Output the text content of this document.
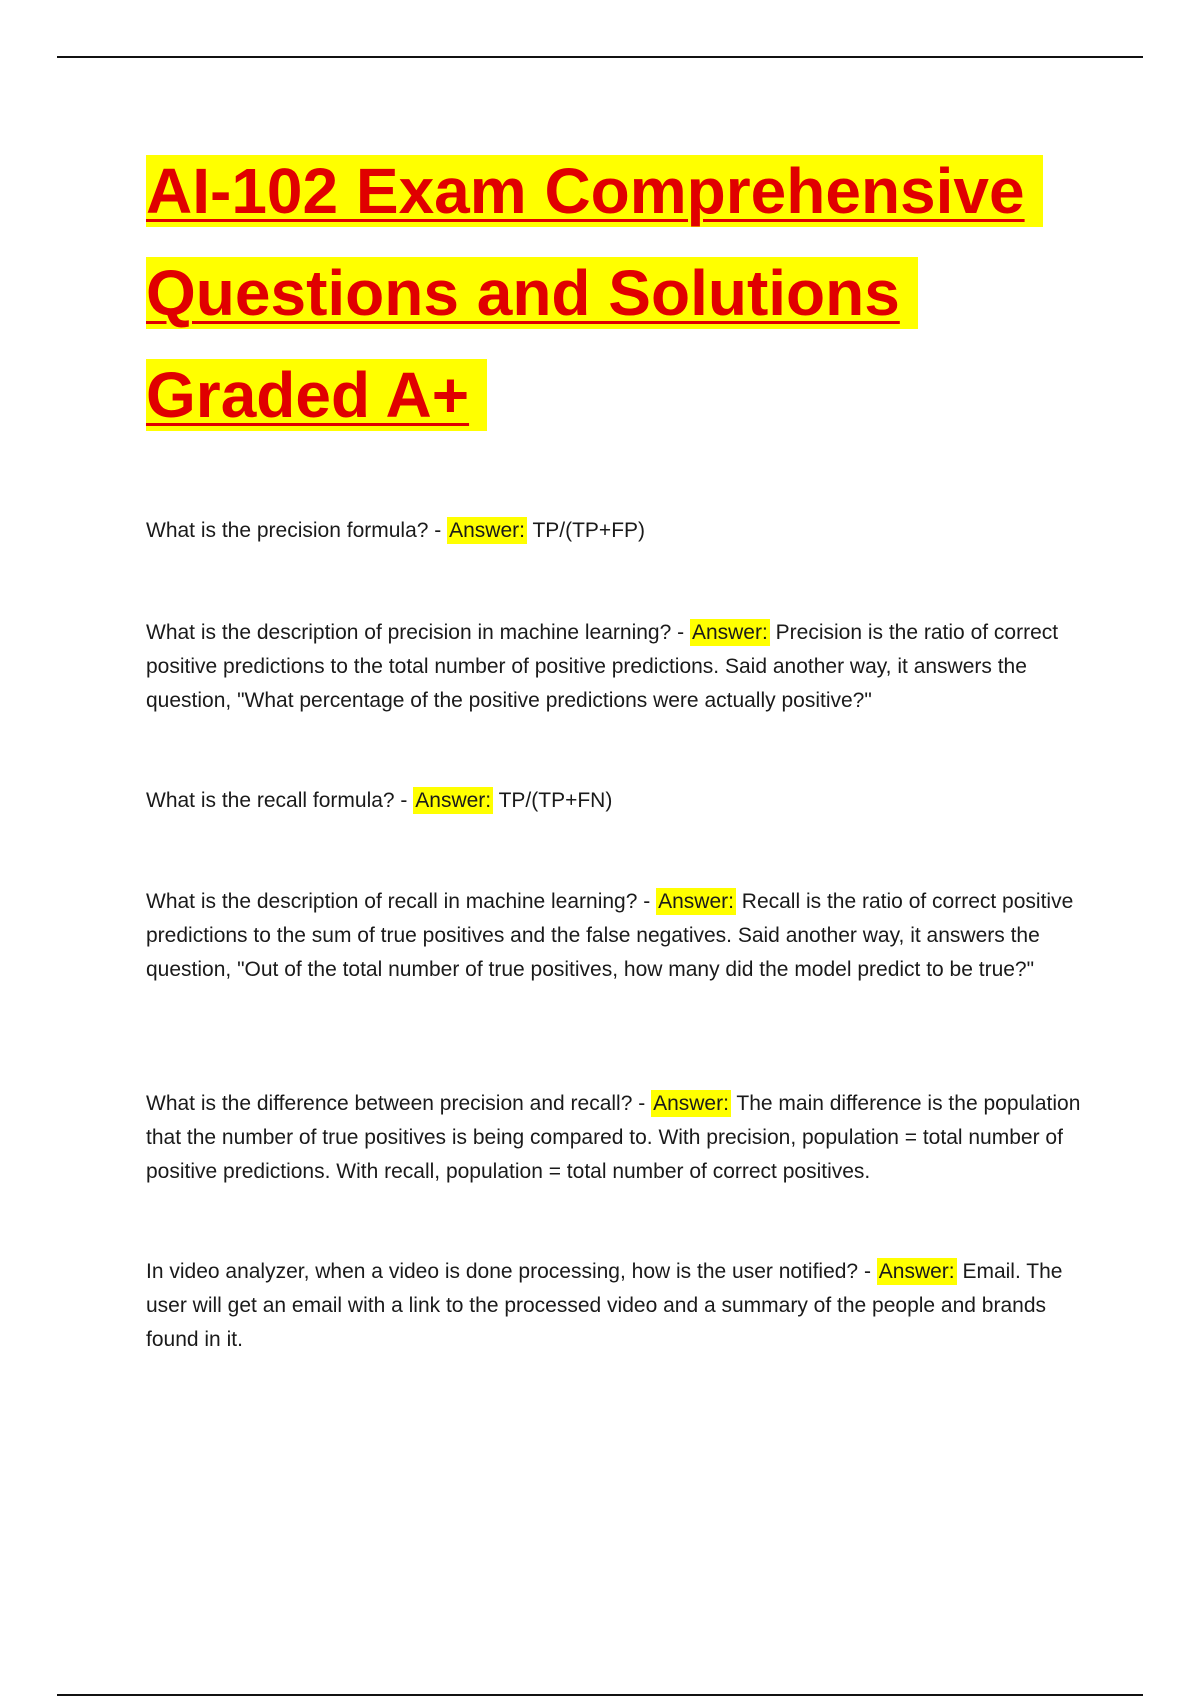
AI-102 Exam Comprehensive
Questions and Solutions
Graded A+

What is the precision formula? - Answer: TP/(TP+FP)

What is the description of precision in machine learning? - Answer: Precision is the ratio of correct positive predictions to the total number of positive predictions. Said another way, it answers the question, "What percentage of the positive predictions were actually positive?"

What is the recall formula? - Answer: TP/(TP+FN)

What is the description of recall in machine learning? - Answer: Recall is the ratio of correct positive predictions to the sum of true positives and the false negatives. Said another way, it answers the question, "Out of the total number of true positives, how many did the model predict to be true?"

What is the difference between precision and recall? - Answer: The main difference is the population that the number of true positives is being compared to. With precision, population = total number of positive predictions. With recall, population = total number of correct positives.

In video analyzer, when a video is done processing, how is the user notified? - Answer: Email. The user will get an email with a link to the processed video and a summary of the people and brands found in it.
